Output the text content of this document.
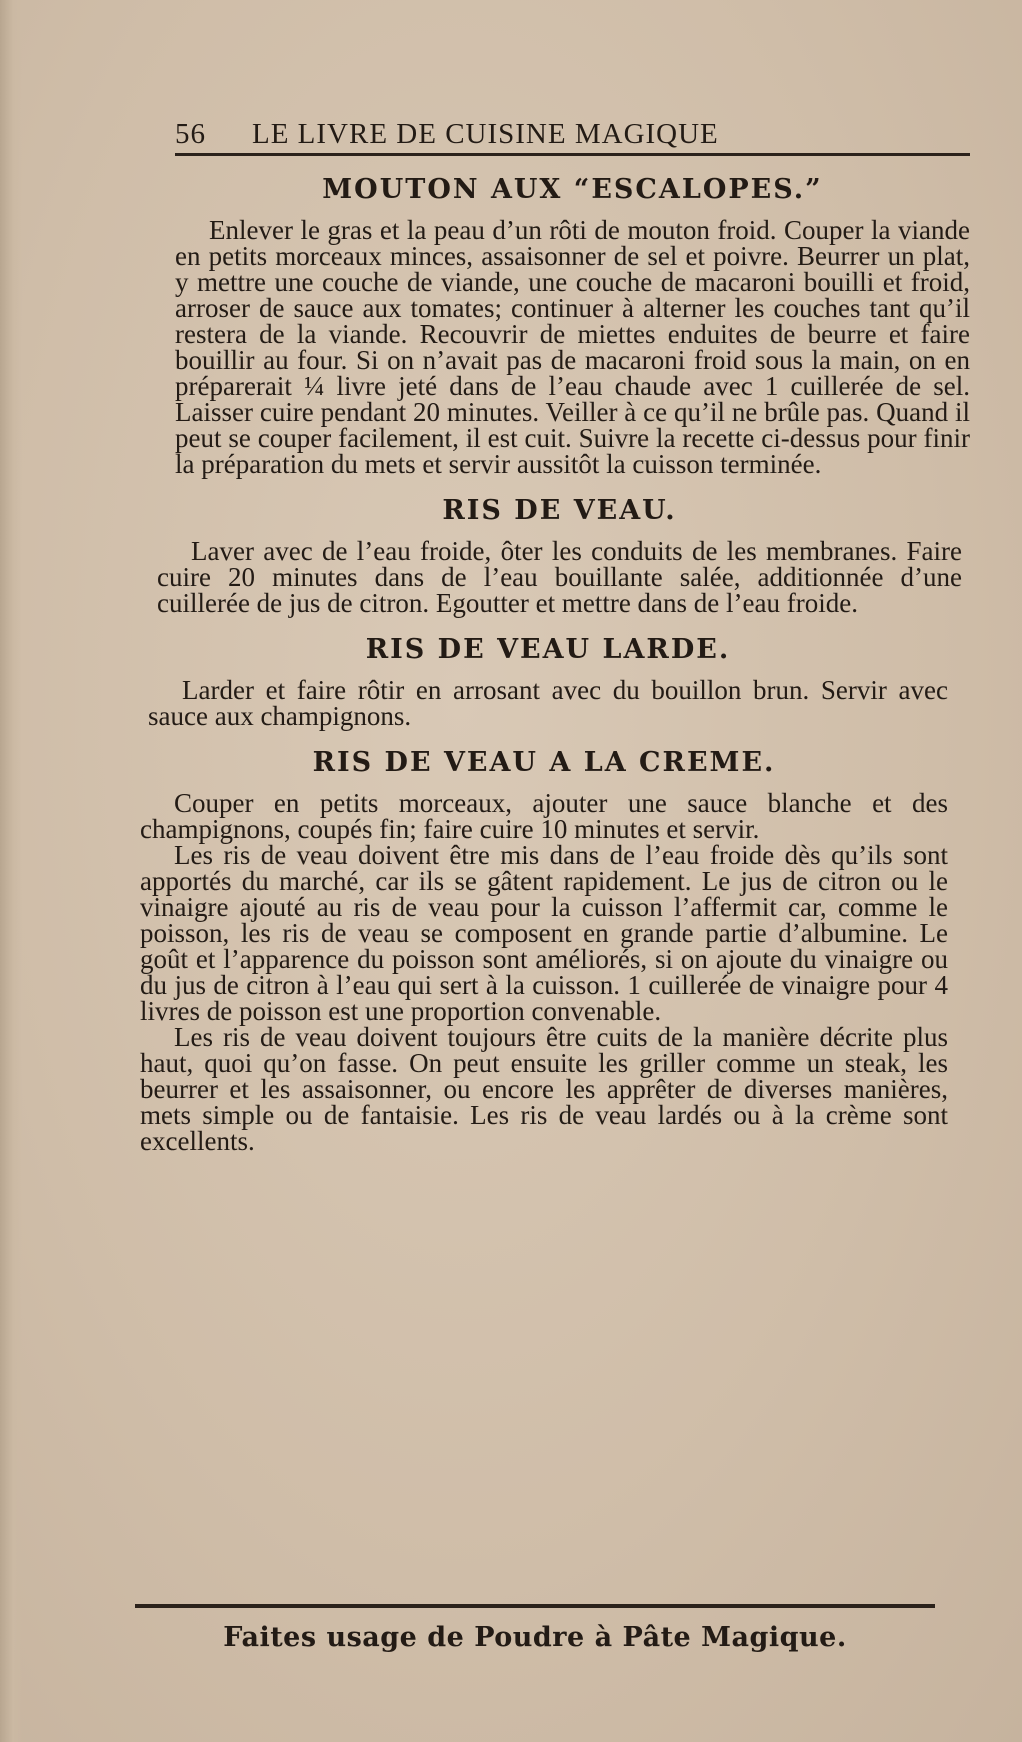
56 LE LIVRE DE CUISINE MAGIQUE
MOUTON AUX “ESCALOPES.”

Enlever le gras et la peau d’un rôti de mouton froid. Couper la viande en petits morceaux minces, assaisonner de sel et poivre. Beurrer un plat, y mettre une couche de viande, une couche de macaroni bouilli et froid, arroser de sauce aux tomates; continuer à alterner les couches tant qu’il restera de la viande. Recouvrir de miettes enduites de beurre et faire bouillir au four. Si on n’avait pas de macaroni froid sous la main, on en préparerait ¼ livre jeté dans de l’eau chaude avec 1 cuillerée de sel. Laisser cuire pendant 20 minutes. Veiller à ce qu’il ne brûle pas. Quand il peut se couper facilement, il est cuit. Suivre la recette ci-dessus pour finir la préparation du mets et servir aussitôt la cuisson terminée.

RIS DE VEAU.

Laver avec de l’eau froide, ôter les conduits de les membranes. Faire cuire 20 minutes dans de l’eau bouillante salée, additionnée d’une cuillerée de jus de citron. Egoutter et mettre dans de l’eau froide.

RIS DE VEAU LARDE.

Larder et faire rôtir en arrosant avec du bouillon brun. Servir avec sauce aux champignons.

RIS DE VEAU A LA CREME.

Couper en petits morceaux, ajouter une sauce blanche et des champignons, coupés fin; faire cuire 10 minutes et servir.

Les ris de veau doivent être mis dans de l’eau froide dès qu’ils sont apportés du marché, car ils se gâtent rapidement. Le jus de citron ou le vinaigre ajouté au ris de veau pour la cuisson l’affermit car, comme le poisson, les ris de veau se composent en grande partie d’albumine. Le goût et l’apparence du poisson sont améliorés, si on ajoute du vinaigre ou du jus de citron à l’eau qui sert à la cuisson. 1 cuillerée de vinaigre pour 4 livres de poisson est une proportion convenable.

Les ris de veau doivent toujours être cuits de la manière décrite plus haut, quoi qu’on fasse. On peut ensuite les griller comme un steak, les beurrer et les assaisonner, ou encore les apprêter de diverses manières, mets simple ou de fantaisie. Les ris de veau lardés ou à la crème sont excellents.

Faites usage de Poudre à Pâte Magique.
